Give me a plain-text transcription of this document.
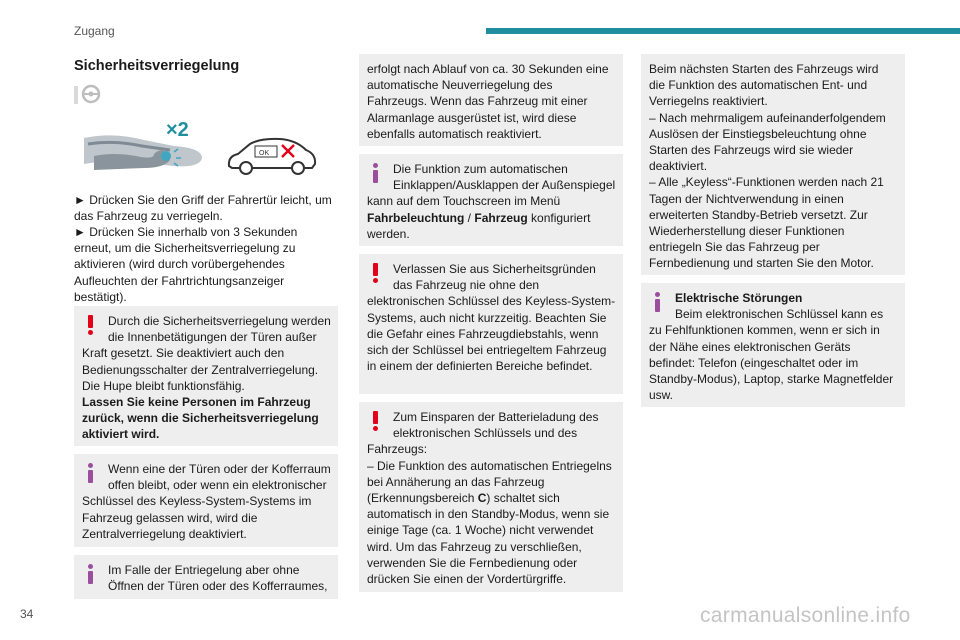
Zugang
Sicherheitsverriegelung
×2
OK
► Drücken Sie den Griff der Fahrertür leicht, um das Fahrzeug zu verriegeln.
► Drücken Sie innerhalb von 3 Sekunden erneut, um die Sicherheitsverriegelung zu aktivieren (wird durch vorübergehendes Aufleuchten der Fahrtrichtungsanzeiger bestätigt).

Durch die Sicherheitsverriegelung werden die Innenbetätigungen der Türen außer Kraft gesetzt. Sie deaktiviert auch den Bedienungsschalter der Zentralverriegelung. Die Hupe bleibt funktionsfähig.

Lassen Sie keine Personen im Fahrzeug zurück, wenn die Sicherheitsverriegelung aktiviert wird.

Wenn eine der Türen oder der Kofferraum offen bleibt, oder wenn ein elektronischer Schlüssel des Keyless-System-Systems im Fahrzeug gelassen wird, wird die Zentralverriegelung deaktiviert.

Im Falle der Entriegelung aber ohne Öffnen der Türen oder des Kofferraumes,

erfolgt nach Ablauf von ca. 30 Sekunden eine automatische Neuverriegelung des Fahrzeugs. Wenn das Fahrzeug mit einer Alarmanlage ausgerüstet ist, wird diese ebenfalls automatisch reaktiviert.

Die Funktion zum automatischen Einklappen/Ausklappen der Außenspiegel kann auf dem Touchscreen im Menü Fahrbeleuchtung / Fahrzeug konfiguriert werden.

Verlassen Sie aus Sicherheitsgründen das Fahrzeug nie ohne den elektronischen Schlüssel des Keyless-System-Systems, auch nicht kurzzeitig. Beachten Sie die Gefahr eines Fahrzeugdiebstahls, wenn sich der Schlüssel bei entriegeltem Fahrzeug in einem der definierten Bereiche befindet.

Zum Einsparen der Batterieladung des elektronischen Schlüssels und des Fahrzeugs:

– Die Funktion des automatischen Entriegelns bei Annäherung an das Fahrzeug (Erkennungsbereich C) schaltet sich automatisch in den Standby-Modus, wenn sie einige Tage (ca. 1 Woche) nicht verwendet wird. Um das Fahrzeug zu verschließen, verwenden Sie die Fernbedienung oder drücken Sie einen der Vordertürgriffe.

Beim nächsten Starten des Fahrzeugs wird die Funktion des automatischen Ent- und Verriegelns reaktiviert.

– Nach mehrmaligem aufeinanderfolgendem Auslösen der Einstiegsbeleuchtung ohne Starten des Fahrzeugs wird sie wieder deaktiviert.

– Alle „Keyless“-Funktionen werden nach 21 Tagen der Nichtverwendung in einen erweiterten Standby-Betrieb versetzt. Zur Wiederherstellung dieser Funktionen entriegeln Sie das Fahrzeug per Fernbedienung und starten Sie den Motor.

Elektrische Störungen

Beim elektronischen Schlüssel kann es zu Fehlfunktionen kommen, wenn er sich in der Nähe eines elektronischen Geräts befindet: Telefon (eingeschaltet oder im Standby-Modus), Laptop, starke Magnetfelder usw.

34	carmanualsonline.info
